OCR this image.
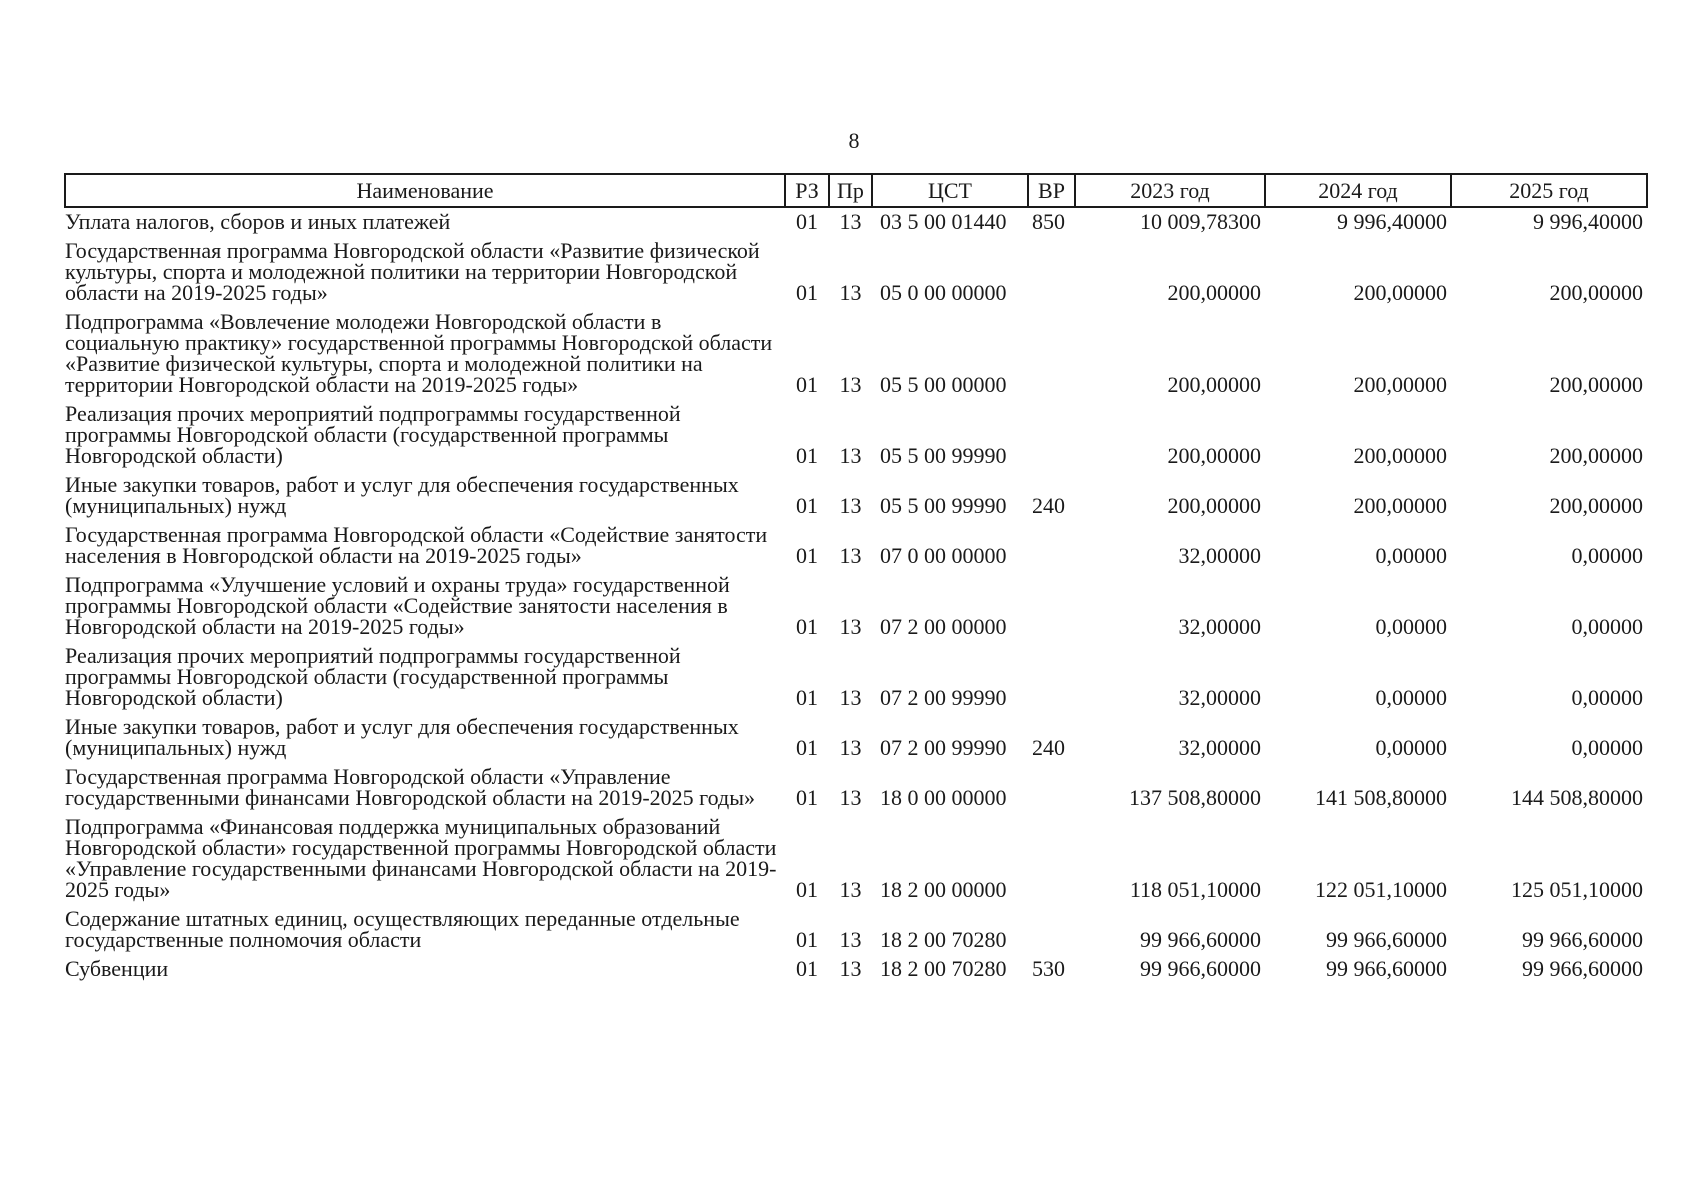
8
Наименование	РЗ	Пр	ЦСТ	ВР	2023 год	2024 год	2025 год
Уплата налогов, сборов и иных платежей	01	13	03 5 00 01440	850	10 009,78300	9 996,40000	9 996,40000
Государственная программа Новгородской области «Развитие физической культуры, спорта и молодежной политики на территории Новгородской области на 2019-2025 годы»	01	13	05 0 00 00000		200,00000	200,00000	200,00000
Подпрограмма «Вовлечение молодежи Новгородской области в социальную практику» государственной программы Новгородской области «Развитие физической культуры, спорта и молодежной политики на территории Новгородской области на 2019-2025 годы»	01	13	05 5 00 00000		200,00000	200,00000	200,00000
Реализация прочих мероприятий подпрограммы государственной программы Новгородской области (государственной программы Новгородской области)	01	13	05 5 00 99990		200,00000	200,00000	200,00000
Иные закупки товаров, работ и услуг для обеспечения государственных (муниципальных) нужд	01	13	05 5 00 99990	240	200,00000	200,00000	200,00000
Государственная программа Новгородской области «Содействие занятости населения в Новгородской области на 2019-2025 годы»	01	13	07 0 00 00000		32,00000	0,00000	0,00000
Подпрограмма «Улучшение условий и охраны труда» государственной программы Новгородской области «Содействие занятости населения в Новгородской области на 2019-2025 годы»	01	13	07 2 00 00000		32,00000	0,00000	0,00000
Реализация прочих мероприятий подпрограммы государственной программы Новгородской области (государственной программы Новгородской области)	01	13	07 2 00 99990		32,00000	0,00000	0,00000
Иные закупки товаров, работ и услуг для обеспечения государственных (муниципальных) нужд	01	13	07 2 00 99990	240	32,00000	0,00000	0,00000
Государственная программа Новгородской области «Управление государственными финансами Новгородской области на 2019-2025 годы»	01	13	18 0 00 00000		137 508,80000	141 508,80000	144 508,80000
Подпрограмма «Финансовая поддержка муниципальных образований Новгородской области» государственной программы Новгородской области «Управление государственными финансами Новгородской области на 2019-2025 годы»	01	13	18 2 00 00000		118 051,10000	122 051,10000	125 051,10000
Содержание штатных единиц, осуществляющих переданные отдельные государственные полномочия области	01	13	18 2 00 70280		99 966,60000	99 966,60000	99 966,60000
Субвенции	01	13	18 2 00 70280	530	99 966,60000	99 966,60000	99 966,60000
